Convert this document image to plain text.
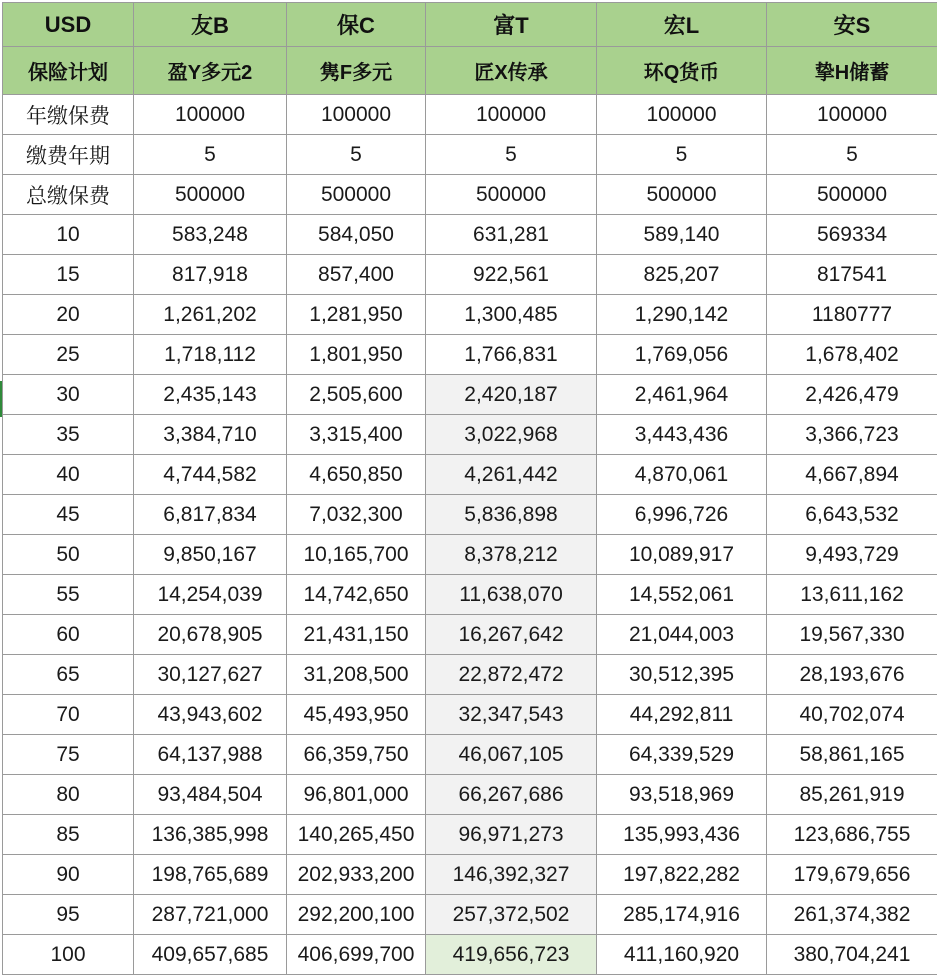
USD	友B	保C	富T	宏L	安S
保险计划	盈Y多元2	隽F多元	匠X传承	环Q货币	挚H储蓄
年缴保费	100000	100000	100000	100000	100000
缴费年期	5	5	5	5	5
总缴保费	500000	500000	500000	500000	500000
10	583,248	584,050	631,281	589,140	569334
15	817,918	857,400	922,561	825,207	817541
20	1,261,202	1,281,950	1,300,485	1,290,142	1180777
25	1,718,112	1,801,950	1,766,831	1,769,056	1,678,402
30	2,435,143	2,505,600	2,420,187	2,461,964	2,426,479
35	3,384,710	3,315,400	3,022,968	3,443,436	3,366,723
40	4,744,582	4,650,850	4,261,442	4,870,061	4,667,894
45	6,817,834	7,032,300	5,836,898	6,996,726	6,643,532
50	9,850,167	10,165,700	8,378,212	10,089,917	9,493,729
55	14,254,039	14,742,650	11,638,070	14,552,061	13,611,162
60	20,678,905	21,431,150	16,267,642	21,044,003	19,567,330
65	30,127,627	31,208,500	22,872,472	30,512,395	28,193,676
70	43,943,602	45,493,950	32,347,543	44,292,811	40,702,074
75	64,137,988	66,359,750	46,067,105	64,339,529	58,861,165
80	93,484,504	96,801,000	66,267,686	93,518,969	85,261,919
85	136,385,998	140,265,450	96,971,273	135,993,436	123,686,755
90	198,765,689	202,933,200	146,392,327	197,822,282	179,679,656
95	287,721,000	292,200,100	257,372,502	285,174,916	261,374,382
100	409,657,685	406,699,700	419,656,723	411,160,920	380,704,241
